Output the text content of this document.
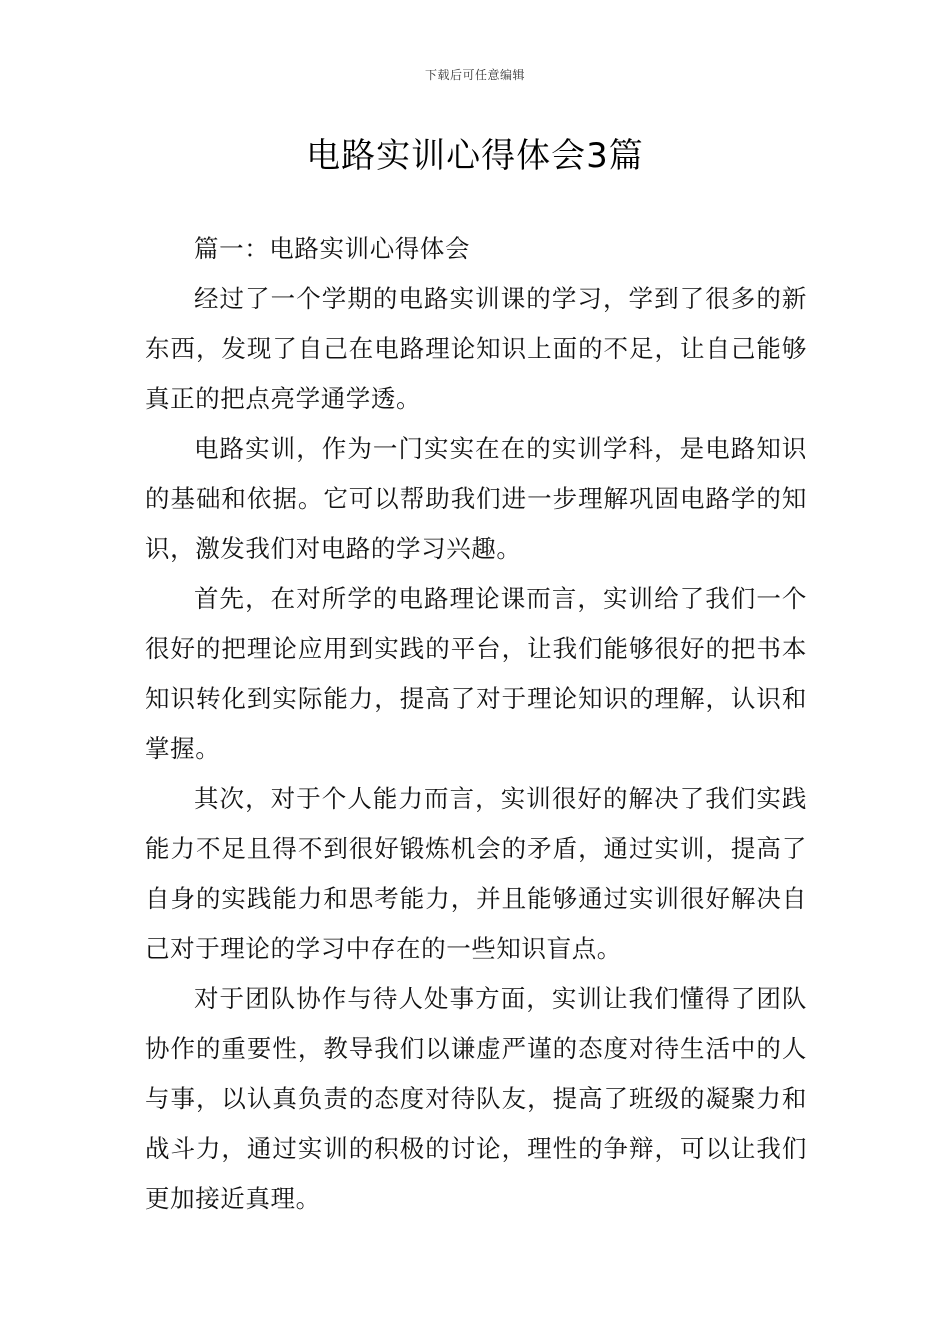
下载后可任意编辑
电路实训心得体会3篇

篇一：电路实训心得体会

经过了一个学期的电路实训课的学习，学到了很多的新东西，发现了自己在电路理论知识上面的不足，让自己能够真正的把点亮学通学透。

电路实训，作为一门实实在在的实训学科，是电路知识的基础和依据。它可以帮助我们进一步理解巩固电路学的知识，激发我们对电路的学习兴趣。

首先，在对所学的电路理论课而言，实训给了我们一个很好的把理论应用到实践的平台，让我们能够很好的把书本知识转化到实际能力，提高了对于理论知识的理解，认识和掌握。

其次，对于个人能力而言，实训很好的解决了我们实践能力不足且得不到很好锻炼机会的矛盾，通过实训，提高了自身的实践能力和思考能力，并且能够通过实训很好解决自己对于理论的学习中存在的一些知识盲点。

对于团队协作与待人处事方面，实训让我们懂得了团队协作的重要性，教导我们以谦虚严谨的态度对待生活中的人与事，以认真负责的态度对待队友，提高了班级的凝聚力和战斗力，通过实训的积极的讨论，理性的争辩，可以让我们更加接近真理。
